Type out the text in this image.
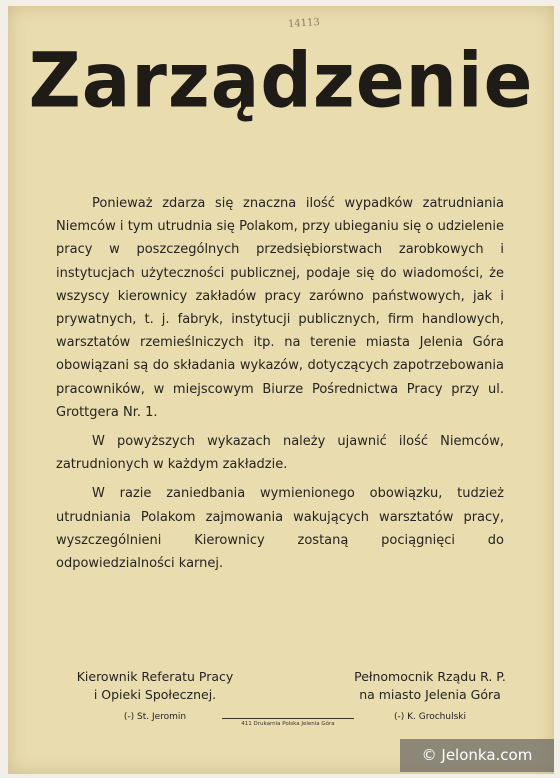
14113
Zarządzenie

Ponieważ zdarza się znaczna ilość wypadków zatrudniania Niemców i tym utrudnia się Polakom, przy ubieganiu się o udzielenie pracy w poszczególnych przedsiębiorstwach zarobkowych i instytucjach użyteczności publicznej, podaje się do wiadomości, że wszyscy kierownicy zakładów pracy zarówno państwowych, jak i prywatnych, t. j. fabryk, instytucji publicznych, firm handlowych, warsztatów rzemieślniczych itp. na terenie miasta Jelenia Góra obowiązani są do składania wykazów, dotyczących zapotrzebowania pracowników, w miejscowym Biurze Pośrednictwa Pracy przy ul. Grottgera Nr. 1.

W powyższych wykazach należy ujawnić ilość Niemców, zatrudnionych w każdym zakładzie.

W razie zaniedbania wymienionego obowiązku, tudzież utrudniania Polakom zajmowania wakujących warsztatów pracy, wyszczególnieni Kierownicy zostaną pociągnięci do odpowiedzialności karnej.

Kierownik Referatu Pracy
i Opieki Społecznej.
(-) St. Jeromin
Pełnomocnik Rządu R. P.
na miasto Jelenia Góra
(-) K. Grochulski
411 Drukarnia Polska Jelenia Góra
© Jelonka.com
